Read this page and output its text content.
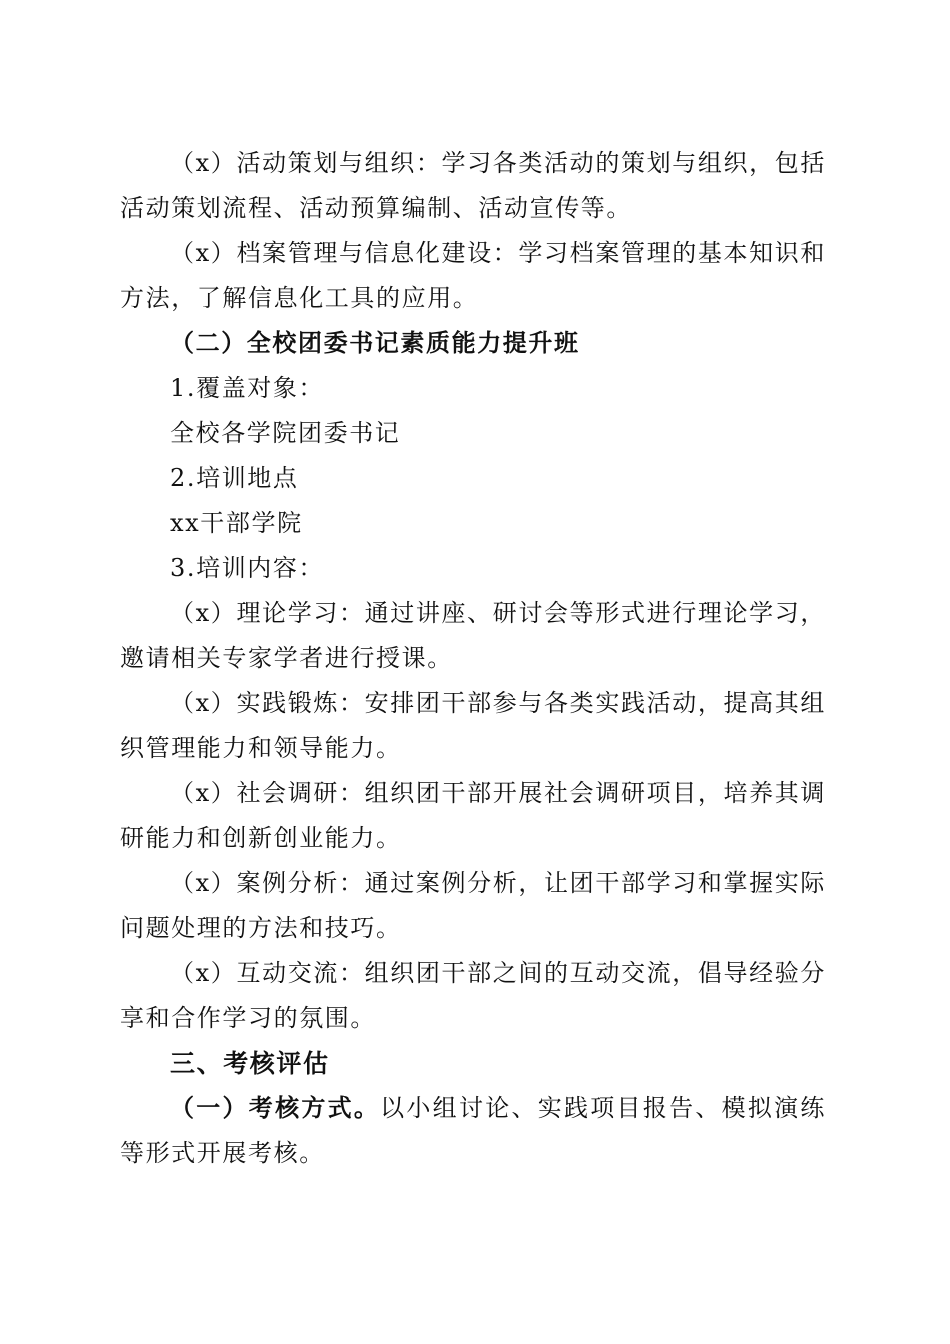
（x）活动策划与组织：学习各类活动的策划与组织，包括活动策划流程、活动预算编制、活动宣传等。

（x）档案管理与信息化建设：学习档案管理的基本知识和方法，了解信息化工具的应用。

（二）全校团委书记素质能力提升班

1.覆盖对象：

全校各学院团委书记

2.培训地点

xx干部学院

3.培训内容：

（x）理论学习：通过讲座、研讨会等形式进行理论学习，邀请相关专家学者进行授课。

（x）实践锻炼：安排团干部参与各类实践活动，提高其组织管理能力和领导能力。

（x）社会调研：组织团干部开展社会调研项目，培养其调研能力和创新创业能力。

（x）案例分析：通过案例分析，让团干部学习和掌握实际问题处理的方法和技巧。

（x）互动交流：组织团干部之间的互动交流，倡导经验分享和合作学习的氛围。

三、考核评估

（一）考核方式。以小组讨论、实践项目报告、模拟演练等形式开展考核。
